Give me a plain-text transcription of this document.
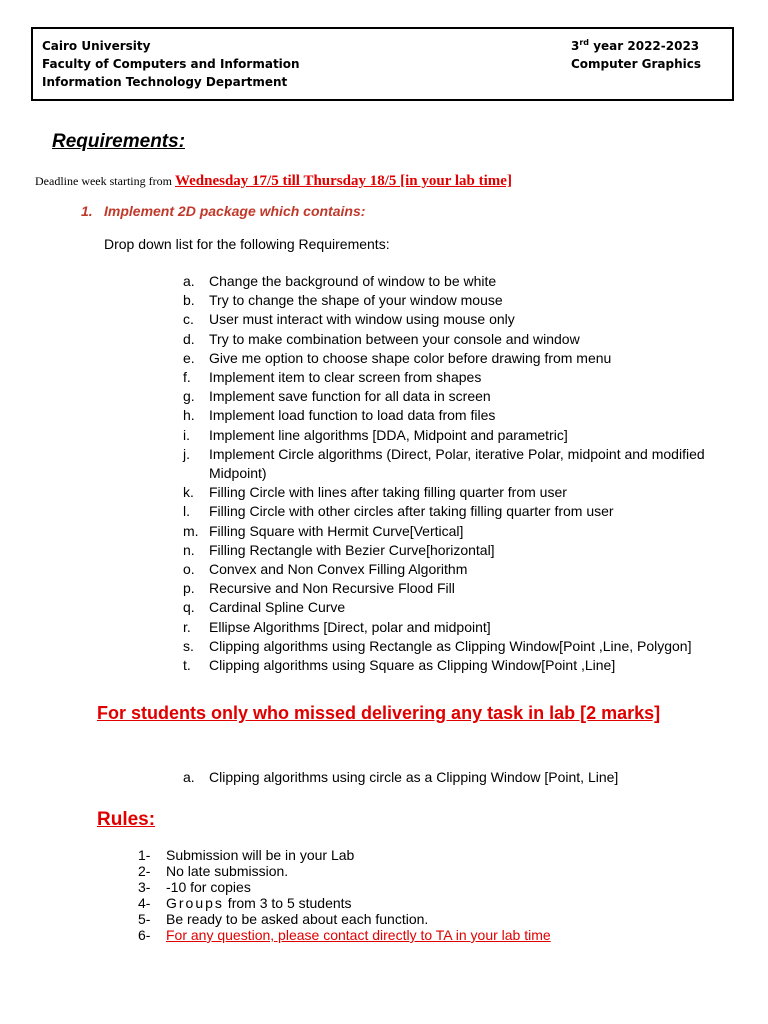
Cairo University
Faculty of Computers and Information
Information Technology Department
3rd year 2022-2023
Computer Graphics
Requirements:
Deadline week starting from Wednesday 17/5 till Thursday 18/5 [in your lab time]
1. Implement 2D package which contains:
Drop down list for the following Requirements:
a.	Change the background of window to be white
b.	Try to change the shape of your window mouse
c.	User must interact with window using mouse only
d.	Try to make combination between your console and window
e.	Give me option to choose shape color before drawing from menu
f.	Implement item to clear screen from shapes
g.	Implement save function for all data in screen
h.	Implement load function to load data from files
i.	Implement line algorithms [DDA, Midpoint and parametric]
j.	Implement Circle algorithms (Direct, Polar, iterative Polar, midpoint and modified Midpoint)
k.	Filling Circle with lines after taking filling quarter from user
l.	Filling Circle with other circles after taking filling quarter from user
m. Filling Square with Hermit Curve[Vertical]
n.	Filling Rectangle with Bezier Curve[horizontal]
o.	Convex and Non Convex Filling Algorithm
p.	Recursive and Non Recursive Flood Fill
q.	Cardinal Spline Curve
r.	Ellipse Algorithms [Direct, polar and midpoint]
s.	Clipping algorithms using Rectangle as Clipping Window[Point ,Line, Polygon]
t.	Clipping algorithms using Square as Clipping Window[Point ,Line]
For students only who missed delivering any task in lab [2 marks]
a.	Clipping algorithms using circle as a Clipping Window [Point, Line]
Rules:
1-	Submission will be in your Lab
2-	No late submission.
3-	-10 for copies
4-	Groups from 3 to 5 students
5-	Be ready to be asked about each function.
6-	For any question, please contact directly to TA in your lab time
